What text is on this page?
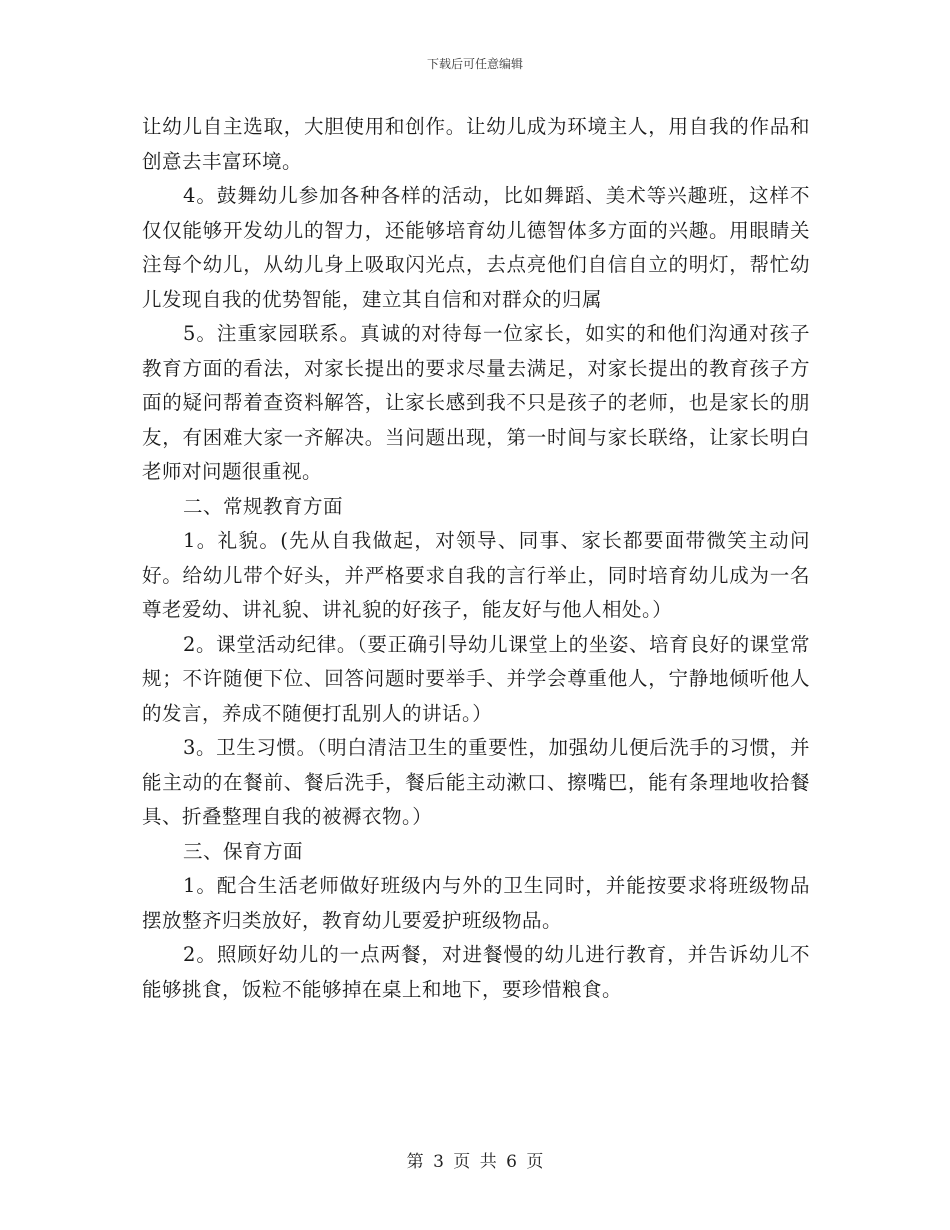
下载后可任意编辑

让幼儿自主选取，大胆使用和创作。让幼儿成为环境主人，用自我的作品和创意去丰富环境。

4。鼓舞幼儿参加各种各样的活动，比如舞蹈、美术等兴趣班，这样不仅仅能够开发幼儿的智力，还能够培育幼儿德智体多方面的兴趣。用眼睛关注每个幼儿，从幼儿身上吸取闪光点，去点亮他们自信自立的明灯，帮忙幼儿发现自我的优势智能，建立其自信和对群众的归属

5。注重家园联系。真诚的对待每一位家长，如实的和他们沟通对孩子教育方面的看法，对家长提出的要求尽量去满足，对家长提出的教育孩子方面的疑问帮着查资料解答，让家长感到我不只是孩子的老师，也是家长的朋友，有困难大家一齐解决。当问题出现，第一时间与家长联络，让家长明白老师对问题很重视。

二、常规教育方面

1。礼貌。(先从自我做起，对领导、同事、家长都要面带微笑主动问好。给幼儿带个好头，并严格要求自我的言行举止，同时培育幼儿成为一名尊老爱幼、讲礼貌、讲礼貌的好孩子，能友好与他人相处。）

2。课堂活动纪律。（要正确引导幼儿课堂上的坐姿、培育良好的课堂常规；不许随便下位、回答问题时要举手、并学会尊重他人，宁静地倾听他人的发言，养成不随便打乱别人的讲话。）

3。卫生习惯。（明白清洁卫生的重要性，加强幼儿便后洗手的习惯，并能主动的在餐前、餐后洗手，餐后能主动漱口、擦嘴巴，能有条理地收拾餐具、折叠整理自我的被褥衣物。）

三、保育方面

1。配合生活老师做好班级内与外的卫生同时，并能按要求将班级物品摆放整齐归类放好，教育幼儿要爱护班级物品。

2。照顾好幼儿的一点两餐，对进餐慢的幼儿进行教育，并告诉幼儿不能够挑食，饭粒不能够掉在桌上和地下，要珍惜粮食。

第 3 页 共 6 页
